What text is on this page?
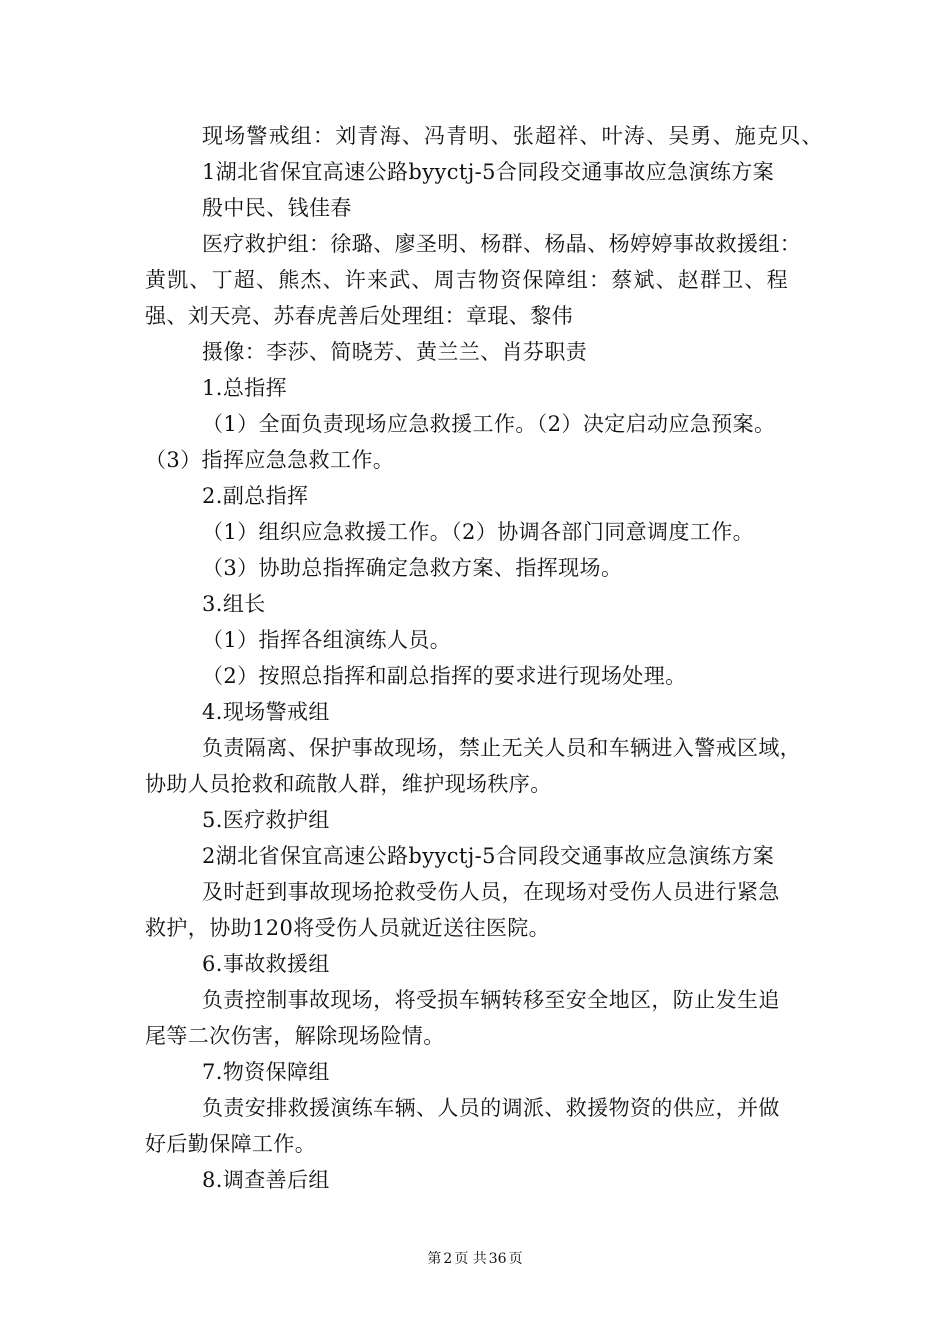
现场警戒组：刘青海、冯青明、张超祥、叶涛、吴勇、施克贝、
1湖北省保宜高速公路byyctj-5合同段交通事故应急演练方案
殷中民、钱佳春
医疗救护组：徐璐、廖圣明、杨群、杨晶、杨婷婷事故救援组：
黄凯、丁超、熊杰、许来武、周吉物资保障组：蔡斌、赵群卫、程
强、刘天亮、苏春虎善后处理组：章琨、黎伟
摄像：李莎、简晓芳、黄兰兰、肖芬职责
1.总指挥
（1）全面负责现场应急救援工作。（2）决定启动应急预案。
（3）指挥应急急救工作。
2.副总指挥
（1）组织应急救援工作。（2）协调各部门同意调度工作。
（3）协助总指挥确定急救方案、指挥现场。
3.组长
（1）指挥各组演练人员。
（2）按照总指挥和副总指挥的要求进行现场处理。
4.现场警戒组
负责隔离、保护事故现场，禁止无关人员和车辆进入警戒区域，
协助人员抢救和疏散人群，维护现场秩序。
5.医疗救护组
2湖北省保宜高速公路byyctj-5合同段交通事故应急演练方案
及时赶到事故现场抢救受伤人员，在现场对受伤人员进行紧急
救护，协助120将受伤人员就近送往医院。
6.事故救援组
负责控制事故现场，将受损车辆转移至安全地区，防止发生追
尾等二次伤害，解除现场险情。
7.物资保障组
负责安排救援演练车辆、人员的调派、救援物资的供应，并做
好后勤保障工作。
8.调查善后组
第 2 页 共 36 页
